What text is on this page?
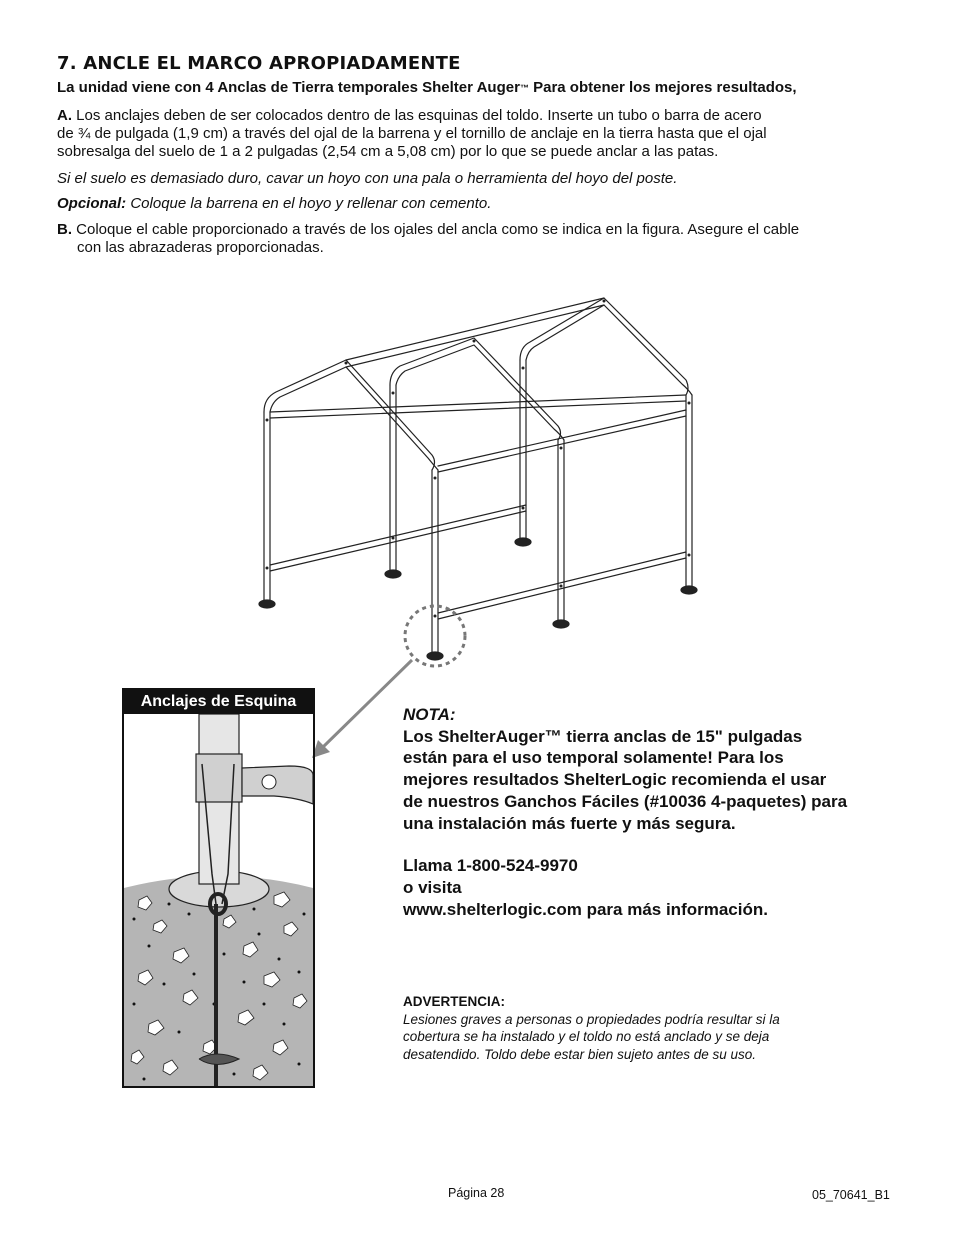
7. ANCLE EL MARCO APROPIADAMENTE
La unidad viene con 4 Anclas de Tierra temporales Shelter Auger™ Para obtener los mejores resultados,
A. Los anclajes deben de ser colocados dentro de las esquinas del toldo. Inserte un tubo o barra de acero
de ¾ de pulgada (1,9 cm) a través del ojal de la barrena y el tornillo de anclaje en la tierra hasta que el ojal
sobresalga del suelo de 1 a 2 pulgadas (2,54 cm a 5,08 cm) por lo que se puede anclar a las patas.
Si el suelo es demasiado duro, cavar un hoyo con una pala o herramienta del hoyo del poste.
Opcional: Coloque la barrena en el hoyo y rellenar con cemento.
B. Coloque el cable proporcionado a través de los ojales del ancla como se indica en la figura. Asegure el cable
con las abrazaderas proporcionadas.
Anclajes de Esquina
NOTA:
Los ShelterAuger™ tierra anclas de 15" pulgadas
están para el uso temporal solamente! Para los
mejores resultados ShelterLogic recomienda el usar
de nuestros Ganchos Fáciles (#10036 4-paquetes) para
una instalación más fuerte y más segura.
Llama 1-800-524-9970
o visita
www.shelterlogic.com para más información.
ADVERTENCIA:
Lesiones graves a personas o propiedades podría resultar si la
cobertura se ha instalado y el toldo no está anclado y se deja
desatendido. Toldo debe estar bien sujeto antes de su uso.
Página 28	05_70641_B1
